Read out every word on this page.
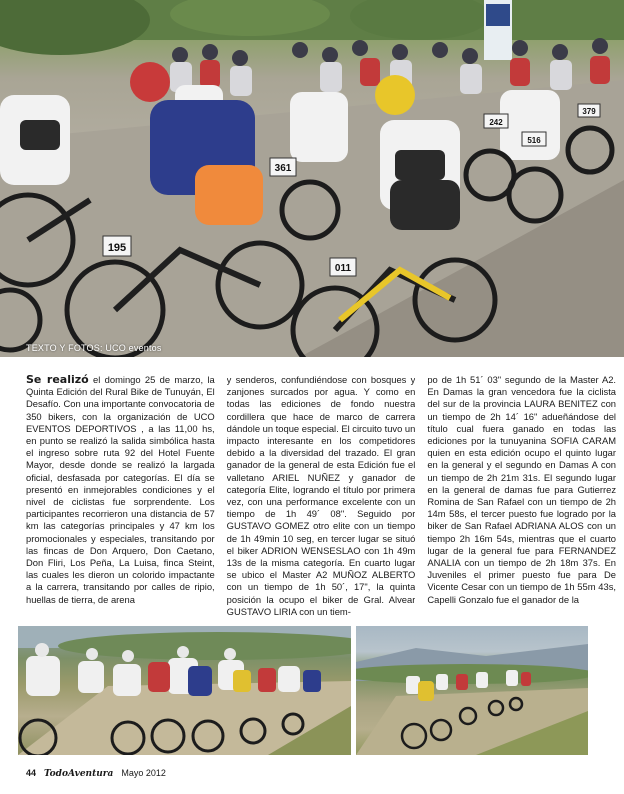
195
361
011
242
516
379
TEXTO Y FOTOS: UCO eventos

Se realizó el domingo 25 de marzo, la Quinta Edición del Rural Bike de Tunuyán, El Desafío. Con una importante convocatoria de 350 bikers, con la organización de UCO EVENTOS DEPORTIVOS , a las 11,00 hs, en punto se realizó la salida simbólica hasta el ingreso sobre ruta 92 del Hotel Fuente Mayor, desde donde se realizó la largada oficial, desfasada por categorías. El día se presentó en inmejorables condiciones y el nivel de ciclistas fue sorprendente. Los participantes recorrieron una distancia de 57 km las categorías principales y 47 km los promocionales y especiales, transitando por las fincas de Don Arquero, Don Caetano, Don Fliri, Los Peña, La Luisa, finca Steint, las cuales les dieron un colorido impactante a la carrera, transitando por calles de ripio, huellas de tierra, de arena

y senderos, confundiéndose con bosques y zanjones surcados por agua. Y como en todas las ediciones de fondo nuestra cordillera que hace de marco de carrera dándole un toque especial. El circuito tuvo un impacto interesante en los competidores debido a la diversidad del trazado. El gran ganador de la general de esta Edición fue el valletano ARIEL NUÑEZ y ganador de categoría Elite, logrando el título por primera vez, con una performance excelente con un tiempo de 1h 49´ 08". Seguido por GUSTAVO GOMEZ otro elite con un tiempo de 1h 49min 10 seg, en tercer lugar se situó el biker ADRION WENSESLAO con 1h 49m 13s de la misma categoría. En cuarto lugar se ubico el Master A2 MUÑOZ ALBERTO con un tiempo de 1h 50´, 17", la quinta posición la ocupo el biker de Gral. Alvear GUSTAVO LIRIA con un tiem-

po de 1h 51´ 03" segundo de la Master A2. En Damas la gran vencedora fue la ciclista del sur de la provincia LAURA BENITEZ con un tiempo de 2h 14´ 16" adueñándose del título cual fuera ganado en todas las ediciones por la tunuyanina SOFIA CARAM quien en esta edición ocupo el quinto lugar en la general y el segundo en Damas A con un tiempo de 2h 21m 31s. El segundo lugar en la general de damas fue para Gutierrez Romina de San Rafael con un tiempo de 2h 14m 58s, el tercer puesto fue logrado por la biker de San Rafael ADRIANA ALOS con un tiempo 2h 16m 54s, mientras que el cuarto lugar de la general fue para FERNANDEZ ANALIA con un tiempo de 2h 18m 37s. En Juveniles el primer puesto fue para De Vicente Cesar con un tiempo de 1h 55m 43s, Capelli Gonzalo fue el ganador de la

44 TodoAventura Mayo 2012
